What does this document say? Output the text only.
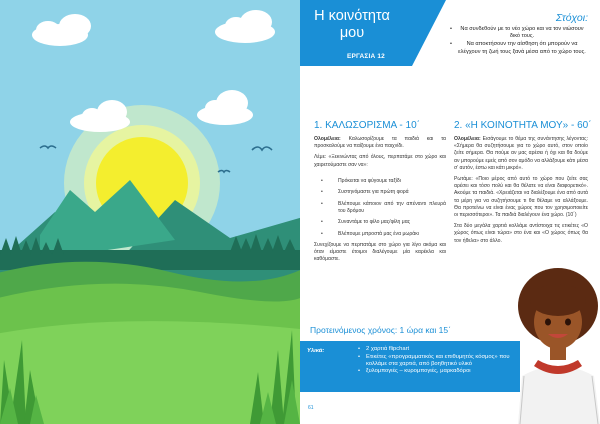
Η κοινότητα μου
ΕΡΓΑΣΙΑ 12
Στόχοι:
• Να συνδεθούν με το νέο χώρο και να τον νιώσουν δικό τους.
• Να αποκτήσουν την αίσθηση ότι μπορούν να ελέγχουν τη ζωή τους ξανά μέσα από το χώρο τους.
1. ΚΑΛΩΣΟΡΙΣΜΑ - 10΄

Ολομέλεια: Καλωσορίζουμε τα παιδιά και τα προσκαλούμε να παίξουμε ένα παιχνίδι.

Λέμε: «Ξεκινώντας από όλους, περπατάμε στο χώρο και χαιρετούμαστε σαν να»:

• Πρόκειται να φύγουμε ταξίδι
• Συστηνόμαστε για πρώτη φορά
• Βλέπουμε κάποιον από την απέναντι πλευρά του δρόμου
• Συναντάμε το φίλο μας/φίλη μας
• Βλέπουμε μπροστά μας ένα μωράκι

Συνεχίζουμε να περπατάμε στο χώρο για λίγο ακόμα και όταν είμαστε έτοιμοι διαλέγουμε μία καρέκλα και καθόμαστε.

2. «Η ΚΟΙΝΟΤΗΤΑ ΜΟΥ» - 60΄

Ολομέλεια: Εισάγουμε το θέμα της συνάντησης λέγοντας: «Σήμερα θα συζητήσουμε για το χώρο αυτό, στον οποίο ζείτε σήμερα. Θα πούμε αν μας αρέσει ή όχι και θα δούμε αν μπορούμε εμείς από σον αμόδο να αλλάξουμε κάτι μέσα σ’ αυτόν, έστω και κάτι μικρό».

Ρωτάμε: «Ποιο μέρος από αυτό το χώρο που ζείτε σας αρέσει και τόσο πολύ και θα θέλατε να είναι διαφορετικό». Ακούμε τα παιδιά. «Χρειάζεται να διαλέξουμε ένα από αυτά τα μέρη για να συζητήσουμε τι θα θέλαμε να αλλάξουμε. Θα προτείνω να είναι ένας χώρος που τον χρησιμοποιείτε οι περισσότεροι». Τα παιδιά διαλέγουν ένα χώρο. (10΄)

Στα δύο μεγάλα χαρτιά κολλάμε αντίστοιχα τις ετικέτες «Ο χώρος όπως είναι τώρα» στο ένα και «Ο χώρος όπως θα τον ήθελα» στο άλλο.

Προτεινόμενος χρόνος: 1 ώρα και 15΄
Υλικά:
•	2 χαρτιά flipchart
• Ετικέτες «προγραμματικός και επιθυμητός κόσμος» που κολλάμε στα χαρτιά, από βοηθητικό υλικό
• ξυλομπογιές – κυρομπογιές, μαρκαδόροι
61
